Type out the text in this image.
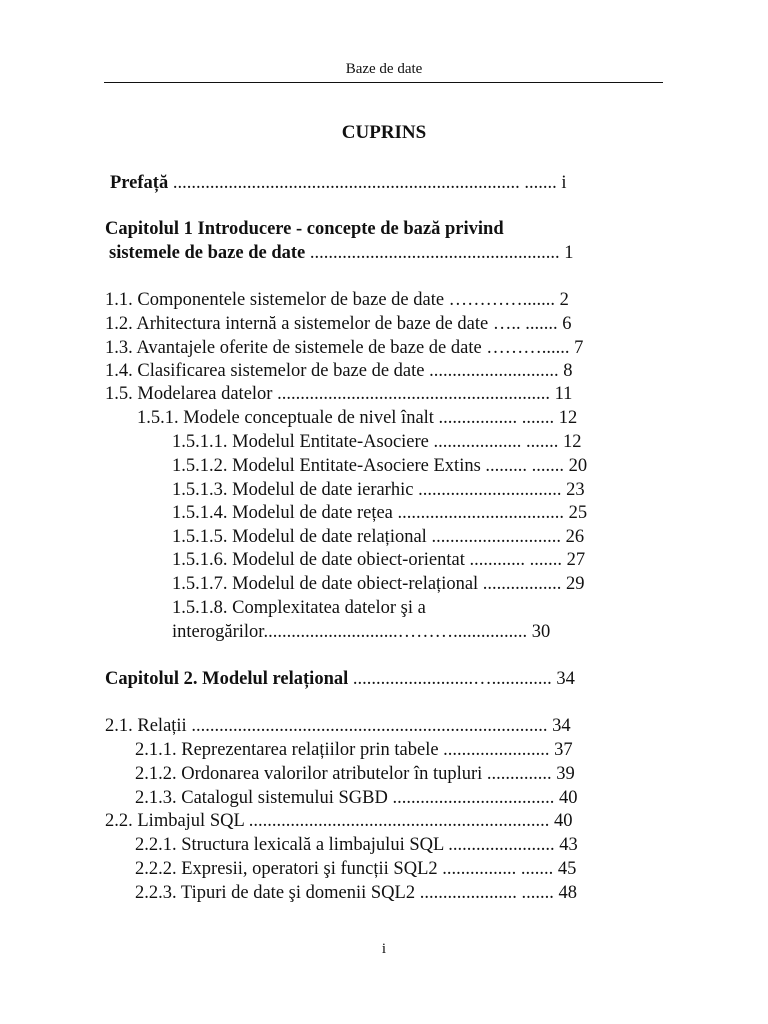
Baze de date
CUPRINS
Prefață ........................................................................... ....... i
Capitolul 1 Introducere - concepte de bază privind
sistemele de baze de date ...................................................... 1
1.1. Componentele sistemelor de baze de date …………....... 2
1.2. Arhitectura internă a sistemelor de baze de date ….. ....... 6
1.3. Avantajele oferite de sistemele de baze de date ………...... 7
1.4. Clasificarea sistemelor de baze de date ............................ 8
1.5. Modelarea datelor ........................................................... 11
1.5.1. Modele conceptuale de nivel înalt ................. ....... 12
1.5.1.1. Modelul Entitate-Asociere ................... ....... 12
1.5.1.2. Modelul Entitate-Asociere Extins ......... ....... 20
1.5.1.3. Modelul de date ierarhic ............................... 23
1.5.1.4. Modelul de date rețea .................................... 25
1.5.1.5. Modelul de date relațional ............................ 26
1.5.1.6. Modelul de date obiect-orientat ............ ....... 27
1.5.1.7. Modelul de date obiect-relațional ................. 29
1.5.1.8. Complexitatea datelor şi a
interogărilor.............................………................ 30
Capitolul 2. Modelul relațional ..........................…............. 34
2.1. Relații ............................................................................. 34
2.1.1. Reprezentarea relațiilor prin tabele ....................... 37
2.1.2. Ordonarea valorilor atributelor în tupluri .............. 39
2.1.3. Catalogul sistemului SGBD ................................... 40
2.2. Limbajul SQL ................................................................. 40
2.2.1. Structura lexicală a limbajului SQL ....................... 43
2.2.2. Expresii, operatori şi funcții SQL2 ................ ....... 45
2.2.3. Tipuri de date şi domenii SQL2 ..................... ....... 48
i
